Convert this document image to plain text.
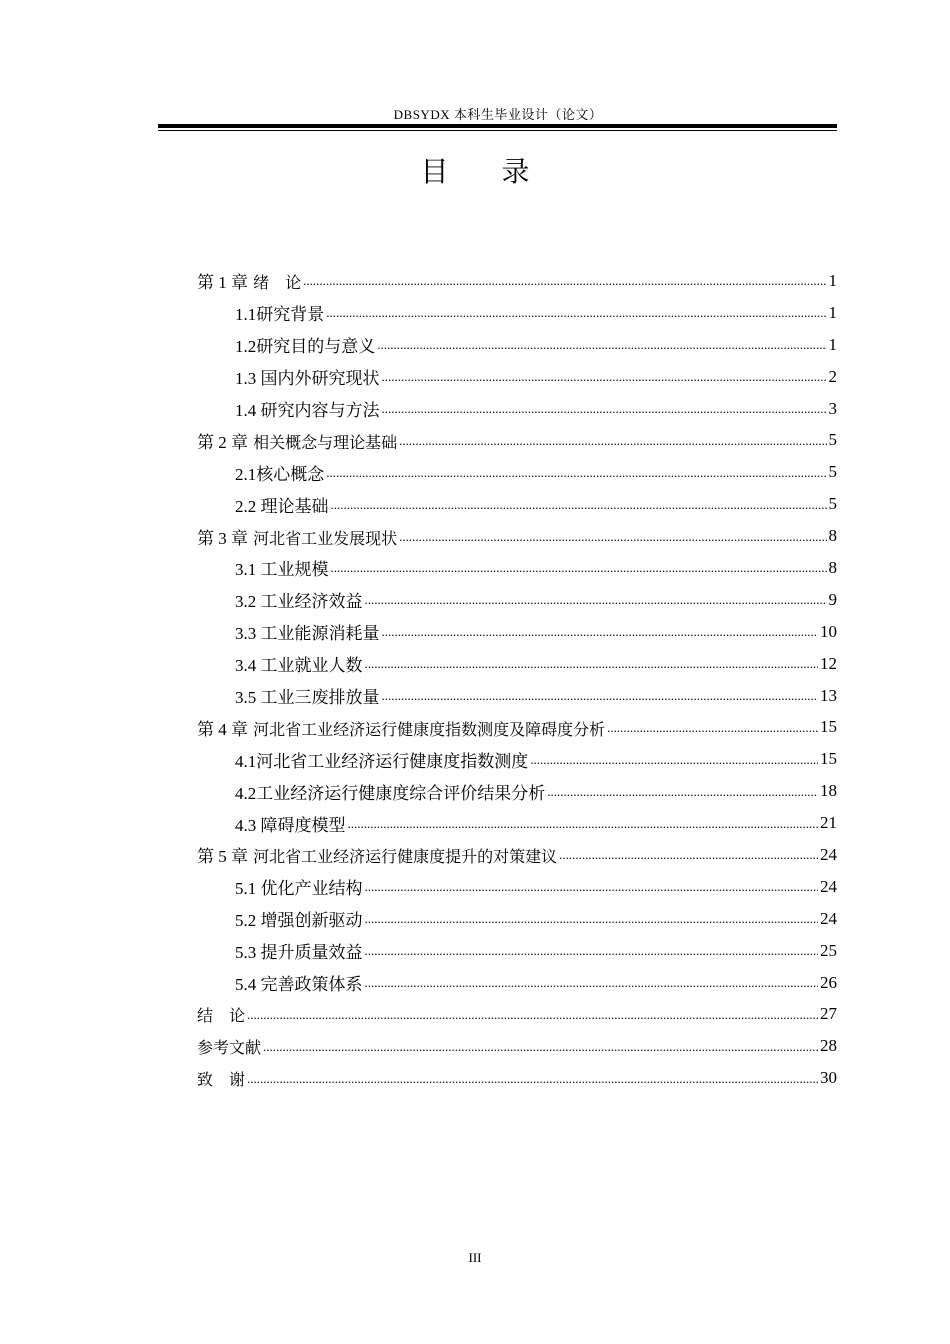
DBSYDX 本科生毕业设计（论文）
目 录
第 1 章 绪　论 .....	1
1.1研究背景 .....	1
1.2研究目的与意义 .....	1
1.3 国内外研究现状 .....	2
1.4 研究内容与方法 .....	3
第 2 章 相关概念与理论基础 .....	5
2.1核心概念 .....	5
2.2 理论基础 .....	5
第 3 章 河北省工业发展现状 .....	8
3.1 工业规模 .....	8
3.2 工业经济效益 .....	9
3.3 工业能源消耗量 .....	10
3.4 工业就业人数 .....	12
3.5 工业三废排放量 .....	13
第 4 章 河北省工业经济运行健康度指数测度及障碍度分析 .....	15
4.1河北省工业经济运行健康度指数测度 .....	15
4.2工业经济运行健康度综合评价结果分析 .....	18
4.3 障碍度模型 .....	21
第 5 章 河北省工业经济运行健康度提升的对策建议 .....	24
5.1 优化产业结构 .....	24
5.2 增强创新驱动 .....	24
5.3 提升质量效益 .....	25
5.4 完善政策体系 .....	26
结　论 .....	27
参考文献 .....	28
致　谢 .....	30
III
